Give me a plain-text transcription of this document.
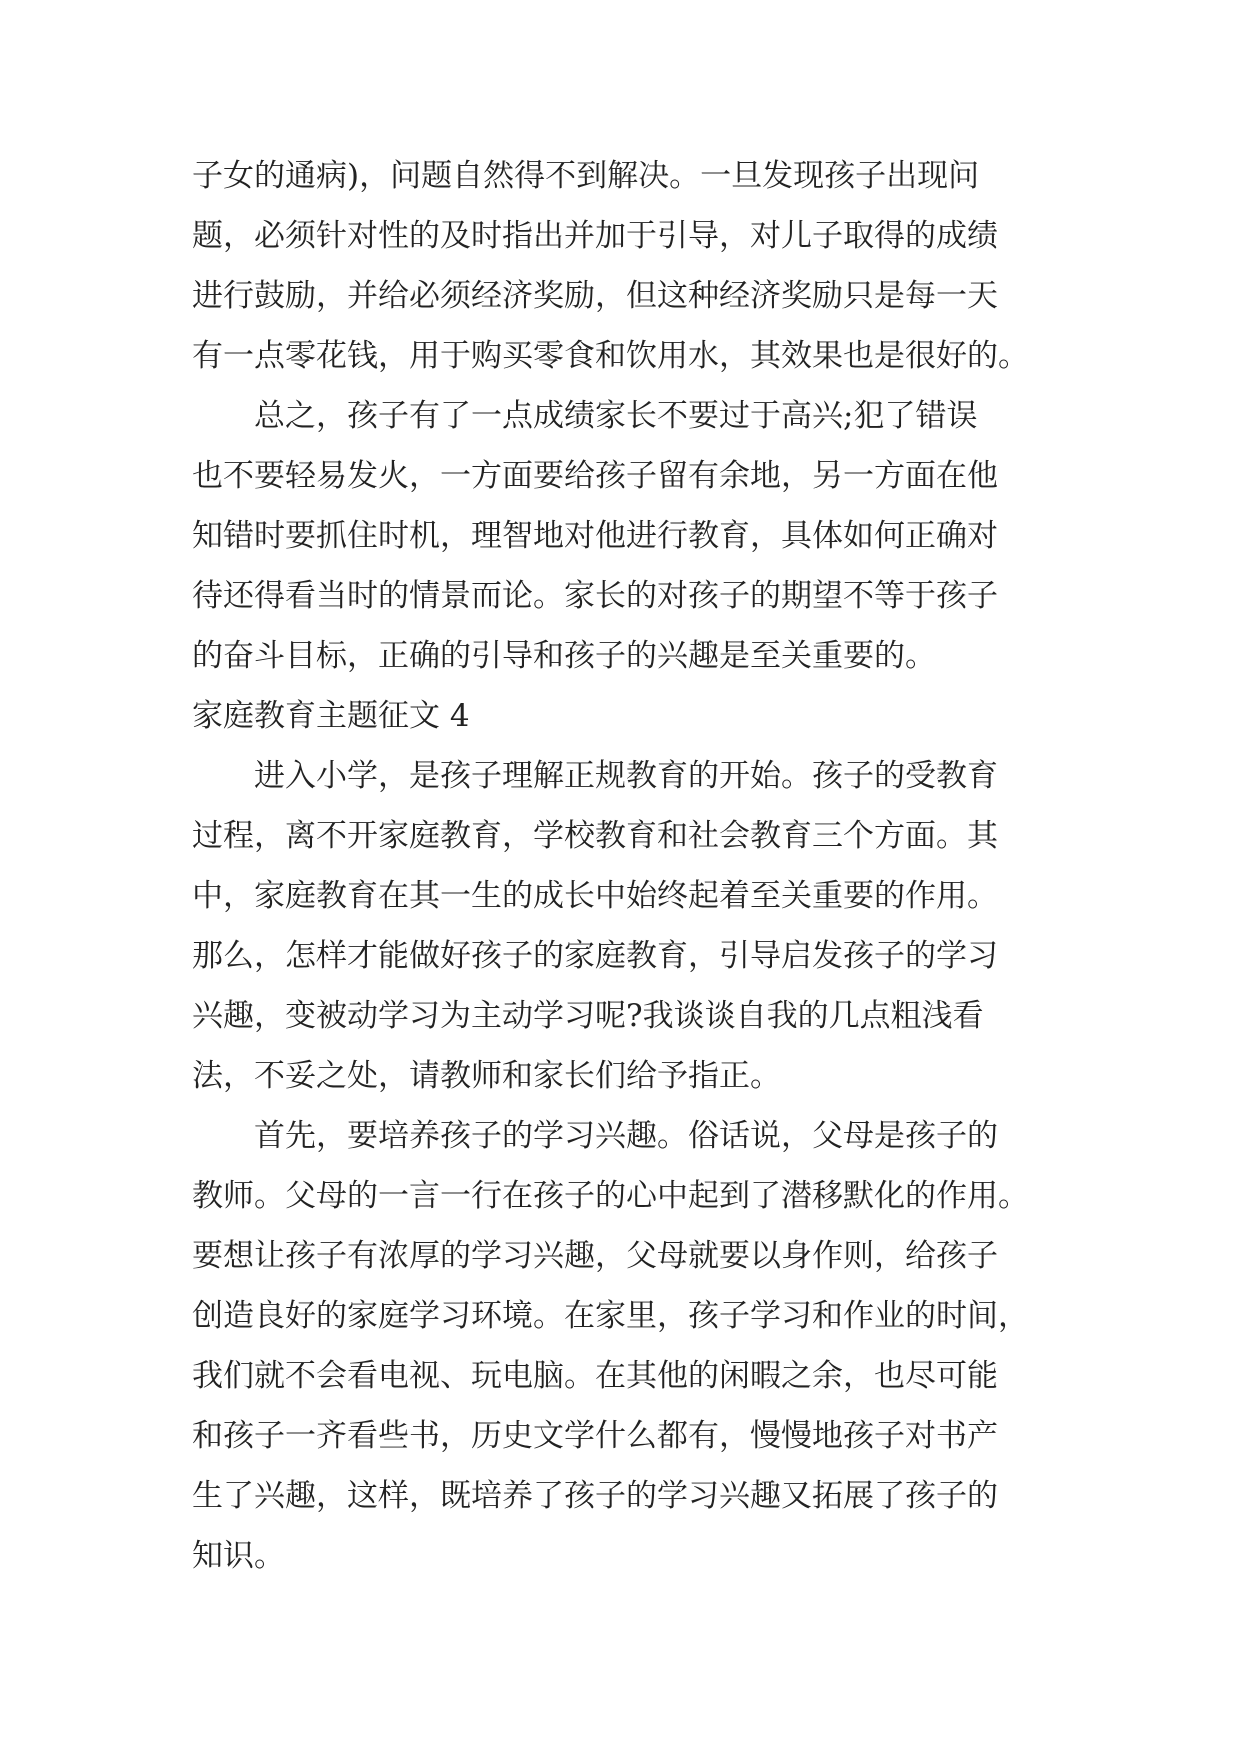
子女的通病)，问题自然得不到解决。一旦发现孩子出现问
题，必须针对性的及时指出并加于引导，对儿子取得的成绩
进行鼓励，并给必须经济奖励，但这种经济奖励只是每一天
有一点零花钱，用于购买零食和饮用水，其效果也是很好的。
总之，孩子有了一点成绩家长不要过于高兴;犯了错误
也不要轻易发火，一方面要给孩子留有余地，另一方面在他
知错时要抓住时机，理智地对他进行教育，具体如何正确对
待还得看当时的情景而论。家长的对孩子的期望不等于孩子
的奋斗目标，正确的引导和孩子的兴趣是至关重要的。
家庭教育主题征文 4
进入小学，是孩子理解正规教育的开始。孩子的受教育
过程，离不开家庭教育，学校教育和社会教育三个方面。其
中，家庭教育在其一生的成长中始终起着至关重要的作用。
那么，怎样才能做好孩子的家庭教育，引导启发孩子的学习
兴趣，变被动学习为主动学习呢?我谈谈自我的几点粗浅看
法，不妥之处，请教师和家长们给予指正。
首先，要培养孩子的学习兴趣。俗话说，父母是孩子的
教师。父母的一言一行在孩子的心中起到了潜移默化的作用。
要想让孩子有浓厚的学习兴趣，父母就要以身作则，给孩子
创造良好的家庭学习环境。在家里，孩子学习和作业的时间，
我们就不会看电视、玩电脑。在其他的闲暇之余，也尽可能
和孩子一齐看些书，历史文学什么都有，慢慢地孩子对书产
生了兴趣，这样，既培养了孩子的学习兴趣又拓展了孩子的
知识。
